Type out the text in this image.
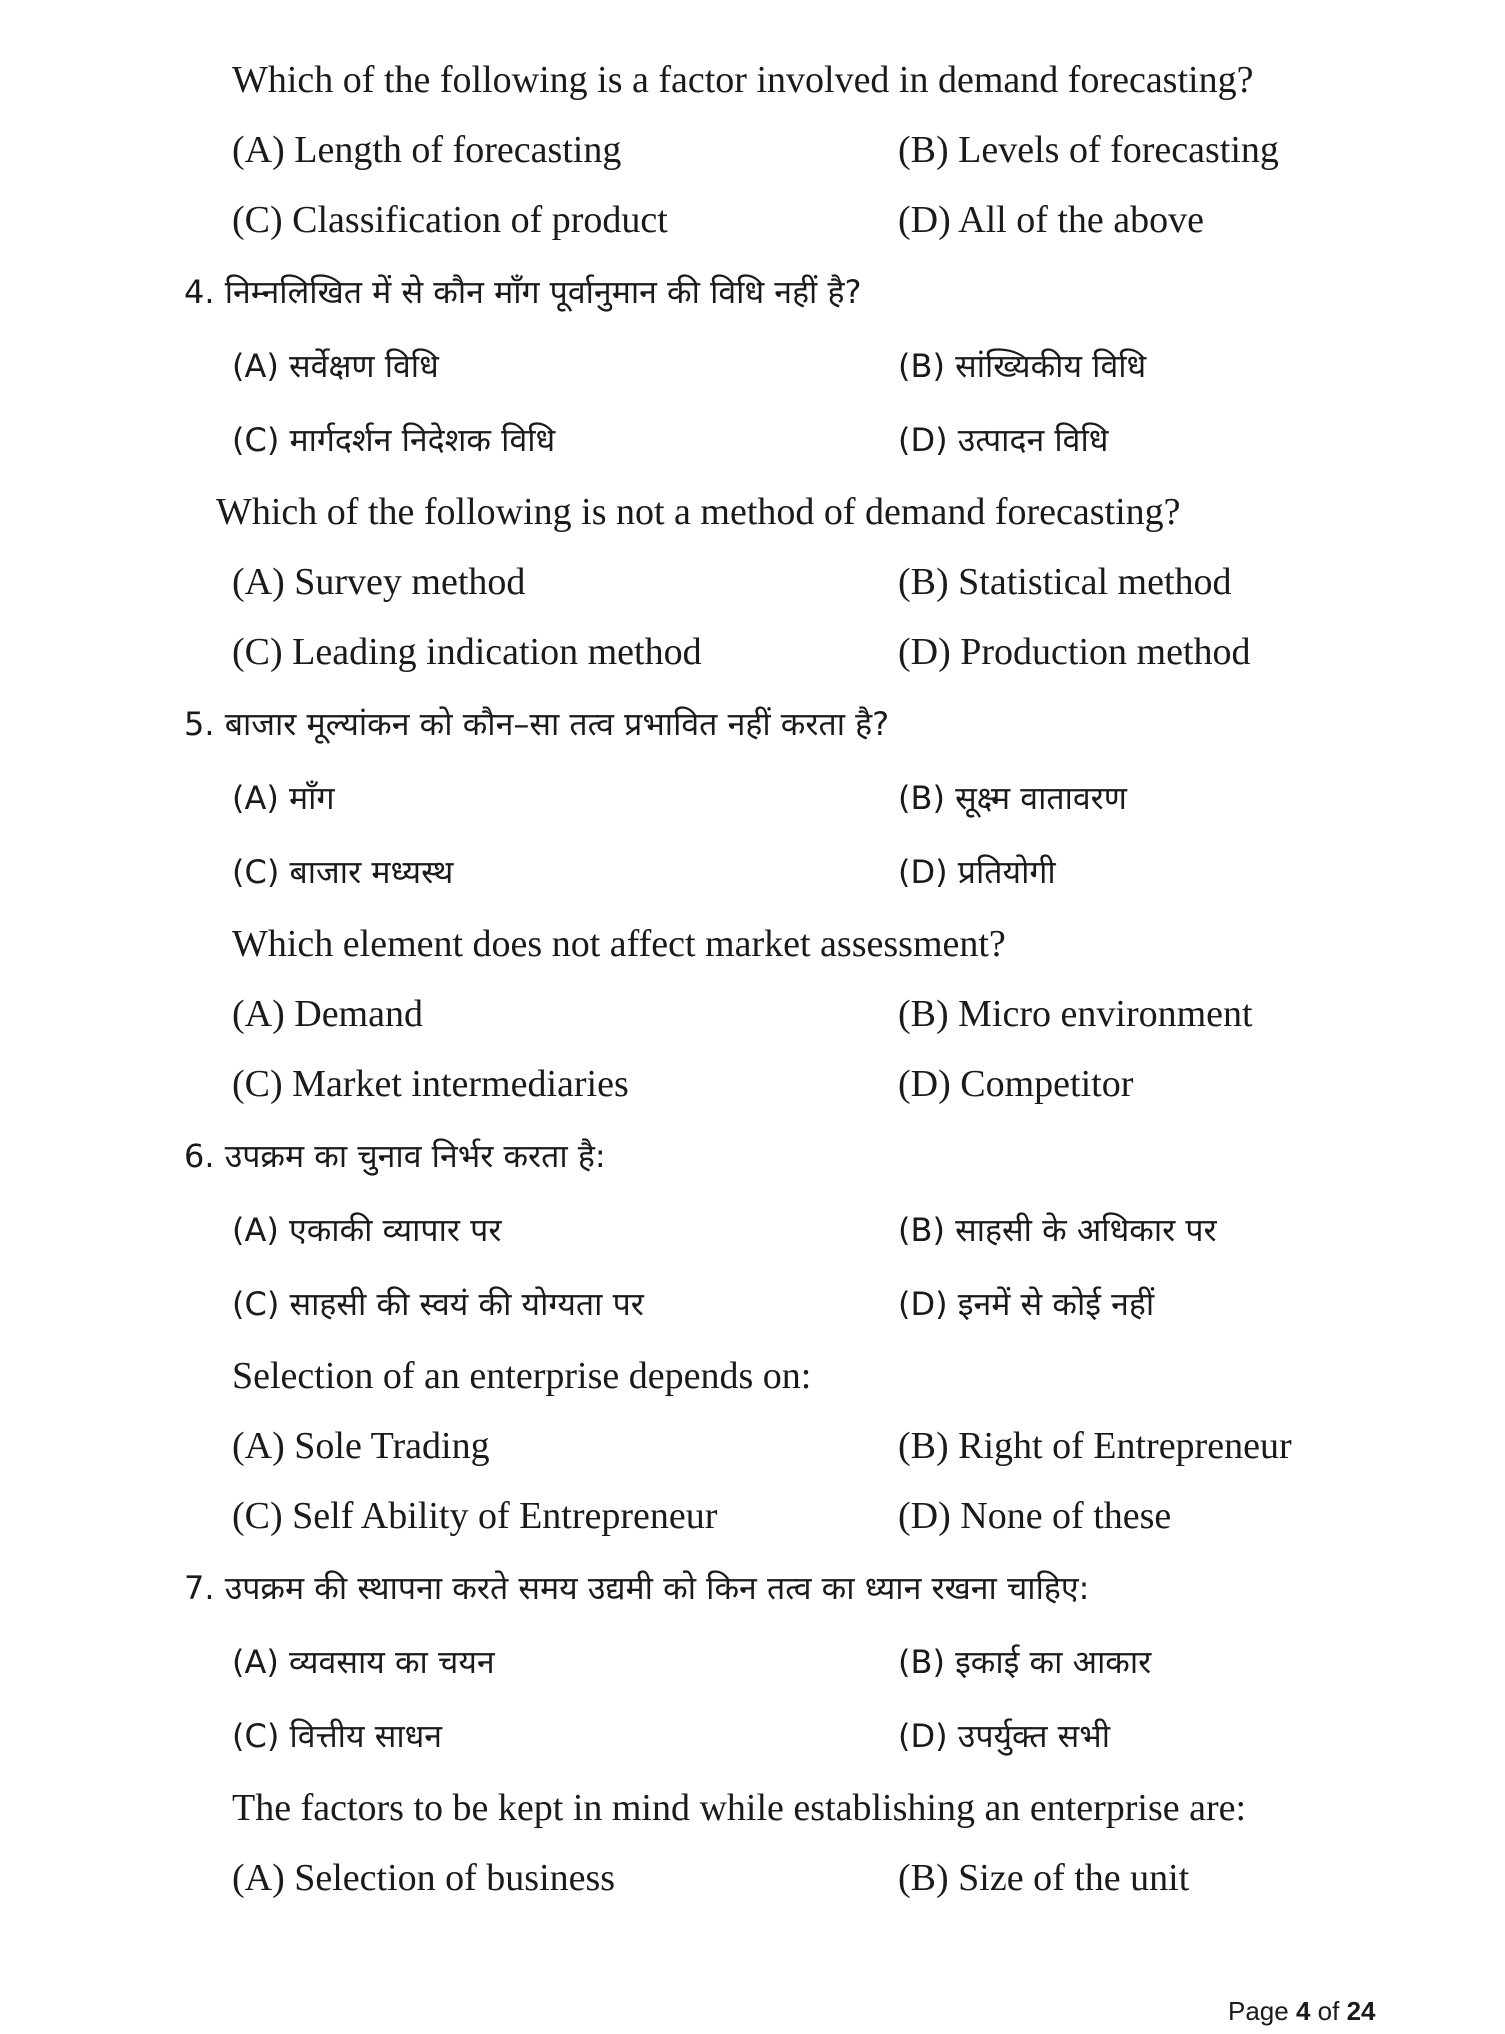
Which of the following is a factor involved in demand forecasting?
(A) Length of forecasting	(B) Levels of forecasting
(C) Classification of product	(D) All of the above
4. निम्नलिखित में से कौन माँग पूर्वानुमान की विधि नहीं है?
(A) सर्वेक्षण विधि	(B) सांख्यिकीय विधि
(C) मार्गदर्शन निदेशक विधि	(D) उत्पादन विधि
Which of the following is not a method of demand forecasting?
(A) Survey method	(B) Statistical method
(C) Leading indication method	(D) Production method
5. बाजार मूल्यांकन को कौन–सा तत्व प्रभावित नहीं करता है?
(A) माँग	(B) सूक्ष्म वातावरण
(C) बाजार मध्यस्थ	(D) प्रतियोगी
Which element does not affect market assessment?
(A) Demand	(B) Micro environment
(C) Market intermediaries	(D) Competitor
6. उपक्रम का चुनाव निर्भर करता है:
(A) एकाकी व्यापार पर	(B) साहसी के अधिकार पर
(C) साहसी की स्वयं की योग्यता पर	(D) इनमें से कोई नहीं
Selection of an enterprise depends on:
(A) Sole Trading	(B) Right of Entrepreneur
(C) Self Ability of Entrepreneur	(D) None of these
7. उपक्रम की स्थापना करते समय उद्यमी को किन तत्व का ध्यान रखना चाहिए:
(A) व्यवसाय का चयन	(B) इकाई का आकार
(C) वित्तीय साधन	(D) उपर्युक्त सभी
The factors to be kept in mind while establishing an enterprise are:
(A) Selection of business	(B) Size of the unit
Page 4 of 24
